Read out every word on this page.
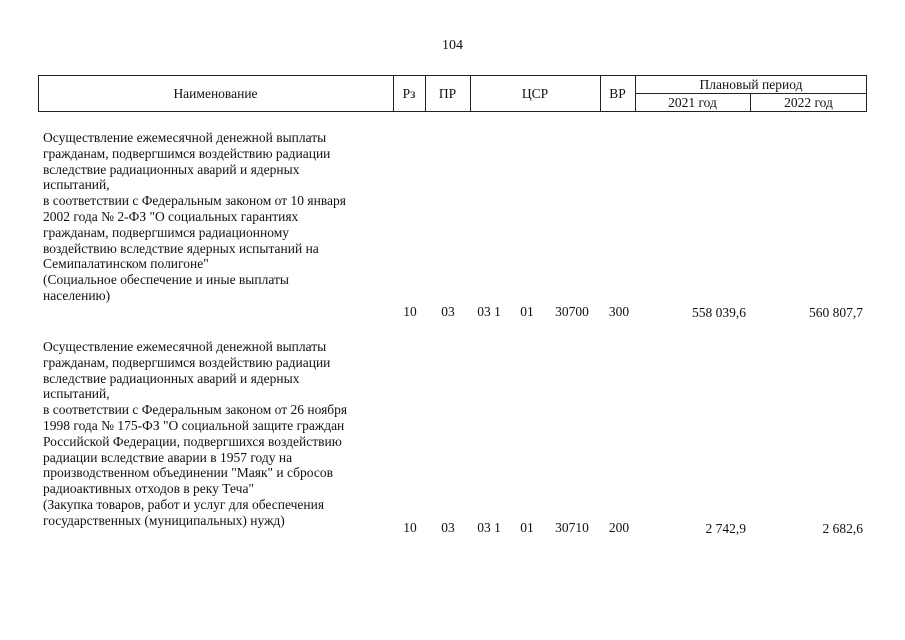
104
Наименование	Рз	ПР	ЦСР	ВР
Плановый период
2021 год	2022 год
Осуществление ежемесячной денежной выплаты
гражданам, подвергшимся воздействию радиации
вследствие радиационных аварий и ядерных
испытаний,
в соответствии с Федеральным законом от 10 января
2002 года № 2-ФЗ "О социальных гарантиях
гражданам, подвергшимся радиационному
воздействию вследствие ядерных испытаний на
Семипалатинском полигоне"
(Социальное обеспечение и иные выплаты
населению)
10	03	03 1	01	30700	300	558 039,6	560 807,7
Осуществление ежемесячной денежной выплаты
гражданам, подвергшимся воздействию радиации
вследствие радиационных аварий и ядерных
испытаний,
в соответствии с Федеральным законом от 26 ноября
1998 года № 175-ФЗ "О социальной защите граждан
Российской Федерации, подвергшихся воздействию
радиации вследствие аварии в 1957 году на
производственном объединении "Маяк" и сбросов
радиоактивных отходов в реку Теча"
(Закупка товаров, работ и услуг для обеспечения
государственных (муниципальных) нужд)	10	03	03 1	01	30710	200	2 742,9	2 682,6
